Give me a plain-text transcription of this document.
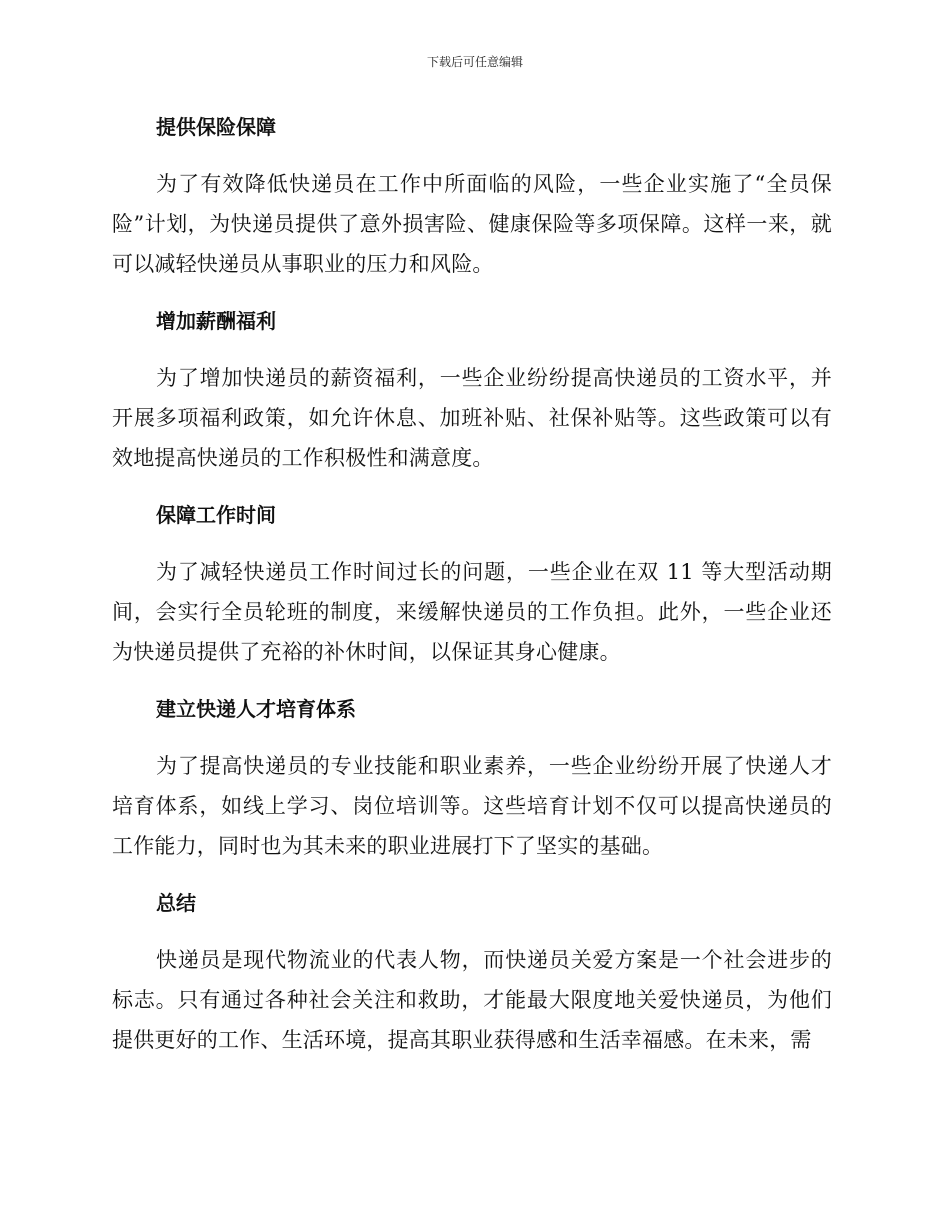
下载后可任意编辑
提供保险保障

为了有效降低快递员在工作中所面临的风险，一些企业实施了“全员保险”计划，为快递员提供了意外损害险、健康保险等多项保障。这样一来，就可以减轻快递员从事职业的压力和风险。

增加薪酬福利

为了增加快递员的薪资福利，一些企业纷纷提高快递员的工资水平，并开展多项福利政策，如允许休息、加班补贴、社保补贴等。这些政策可以有效地提高快递员的工作积极性和满意度。

保障工作时间

为了减轻快递员工作时间过长的问题，一些企业在双 11 等大型活动期间，会实行全员轮班的制度，来缓解快递员的工作负担。此外，一些企业还为快递员提供了充裕的补休时间，以保证其身心健康。

建立快递人才培育体系

为了提高快递员的专业技能和职业素养，一些企业纷纷开展了快递人才培育体系，如线上学习、岗位培训等。这些培育计划不仅可以提高快递员的工作能力，同时也为其未来的职业进展打下了坚实的基础。

总结

快递员是现代物流业的代表人物，而快递员关爱方案是一个社会进步的标志。只有通过各种社会关注和救助，才能最大限度地关爱快递员，为他们提供更好的工作、生活环境，提高其职业获得感和生活幸福感。在未来，需
